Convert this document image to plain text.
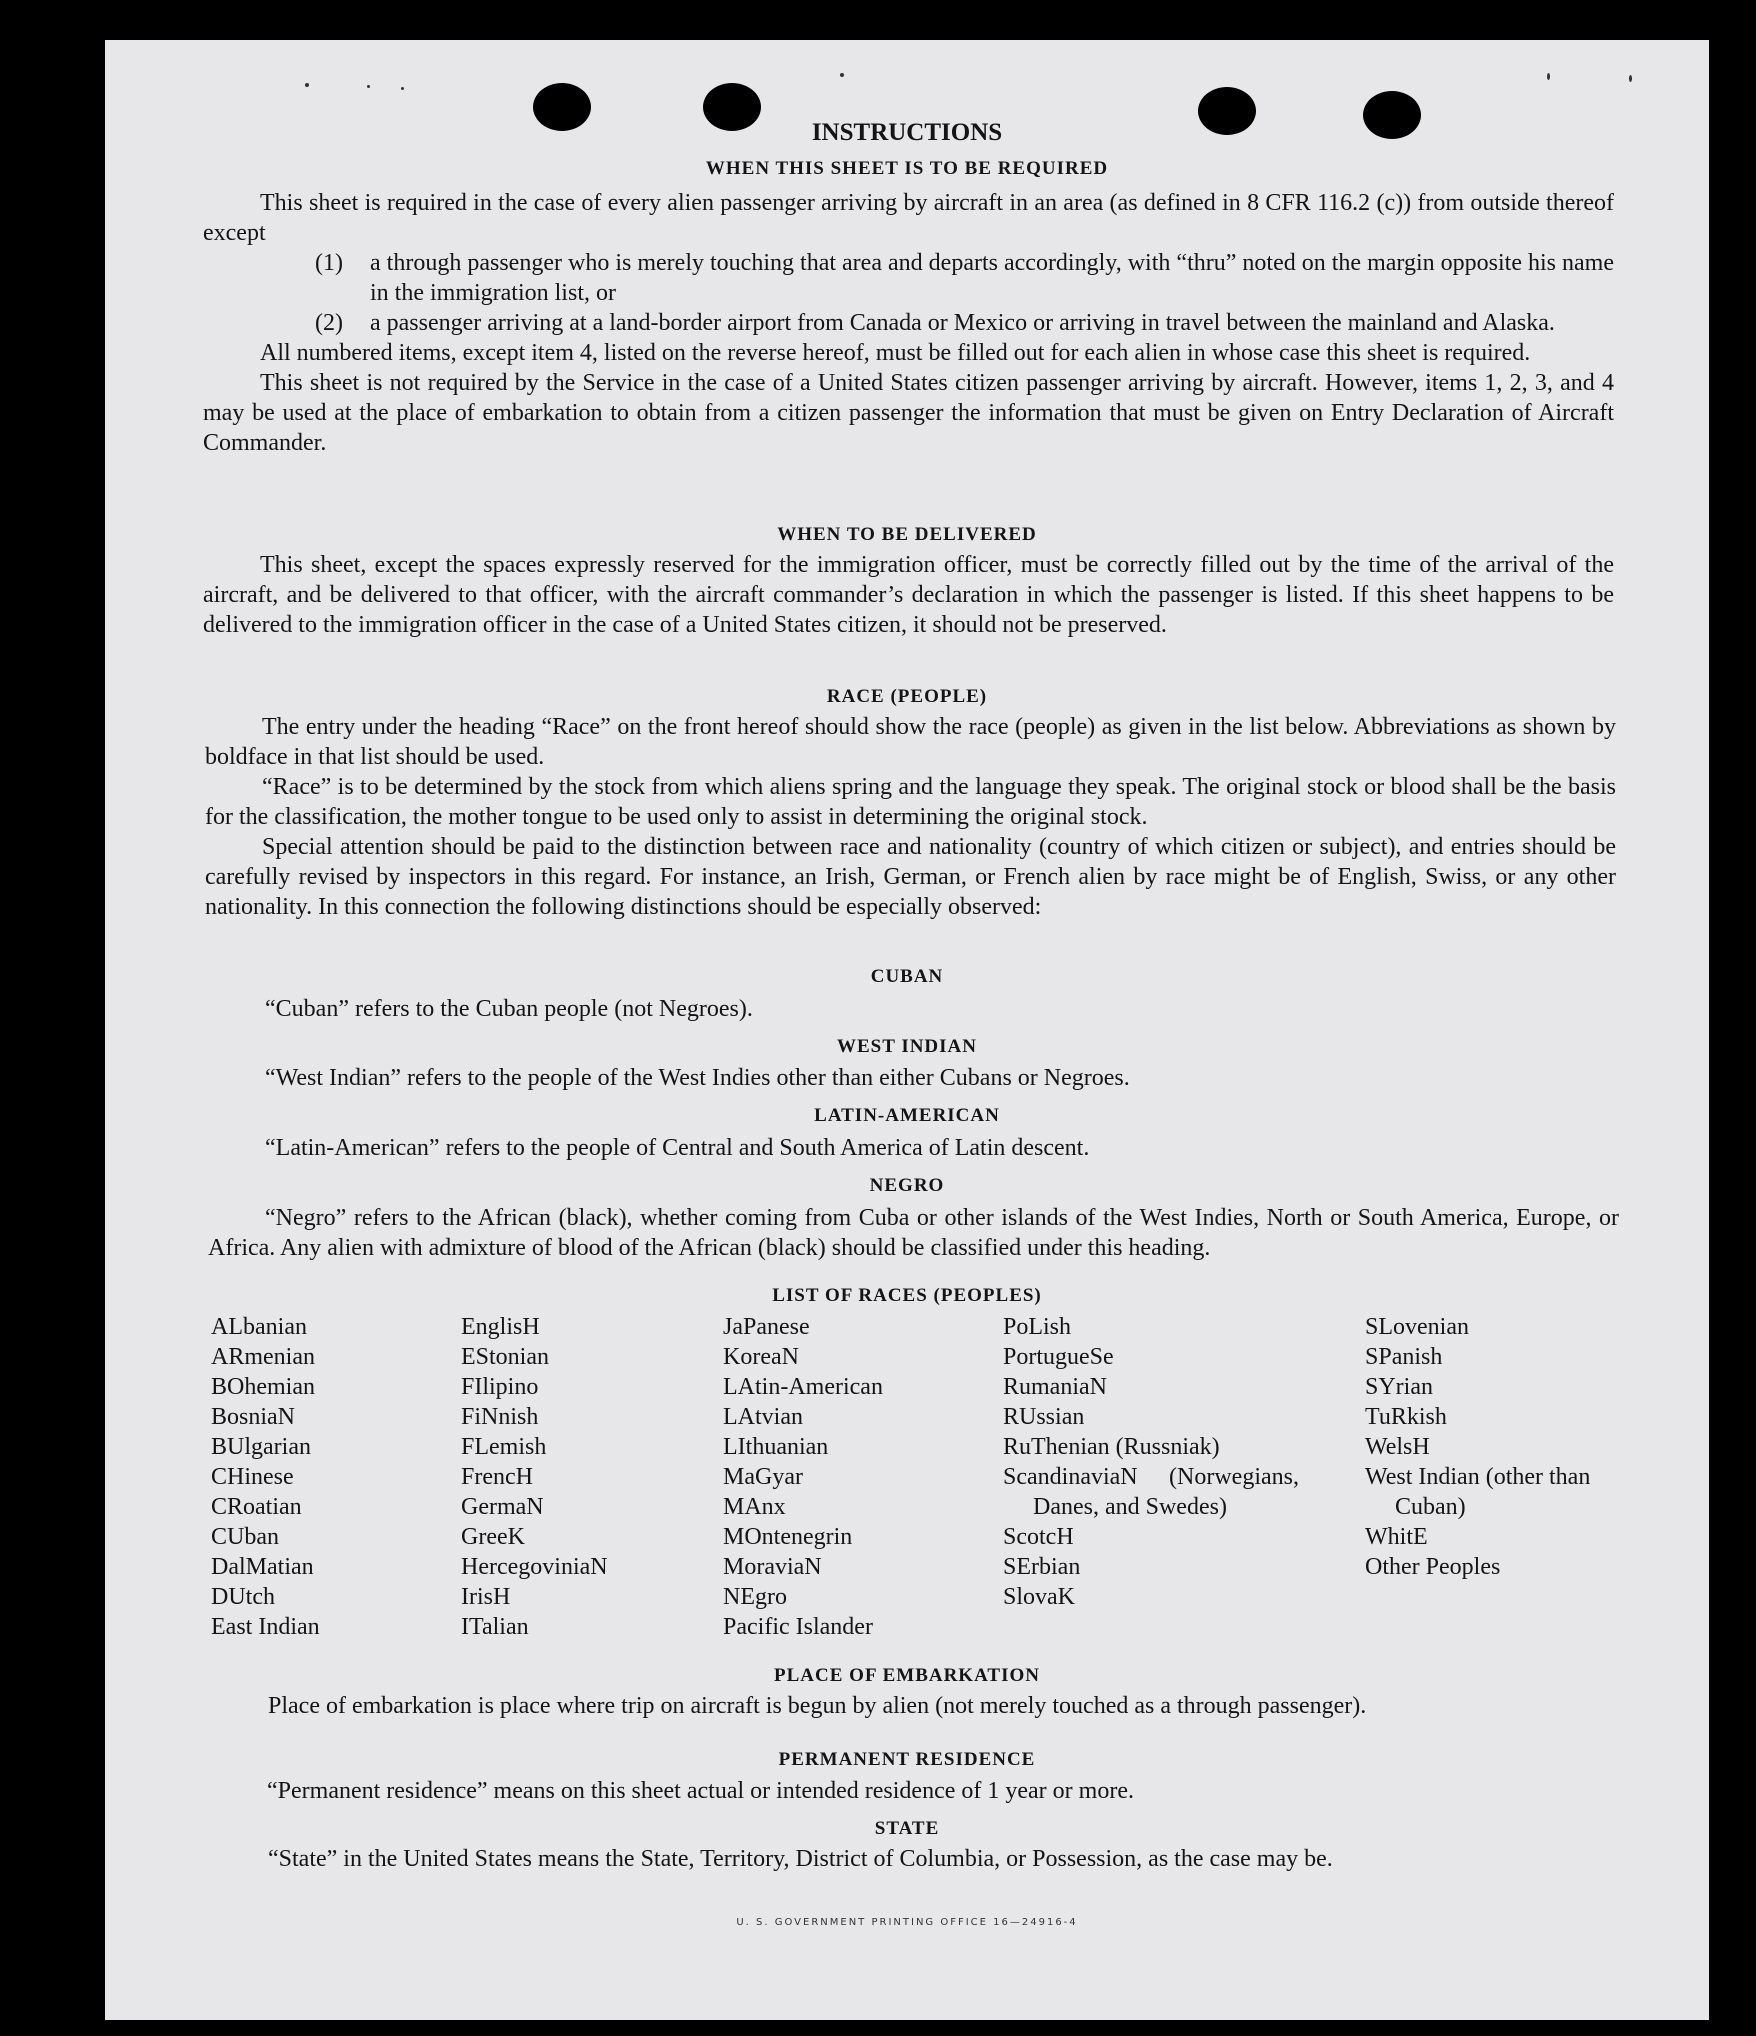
INSTRUCTIONS
WHEN THIS SHEET IS TO BE REQUIRED
This sheet is required in the case of every alien passenger arriving by aircraft in an area (as defined in 8 CFR 116.2 (c)) from outside thereof except
(1)	a through passenger who is merely touching that area and departs accordingly, with “thru” noted on the margin opposite his name in the immigration list, or
(2)	a passenger arriving at a land-border airport from Canada or Mexico or arriving in travel between the mainland and Alaska.
All numbered items, except item 4, listed on the reverse hereof, must be filled out for each alien in whose case this sheet is required.
This sheet is not required by the Service in the case of a United States citizen passenger arriving by aircraft. However, items 1, 2, 3, and 4 may be used at the place of embarkation to obtain from a citizen passenger the information that must be given on Entry Declaration of Aircraft Commander.
WHEN TO BE DELIVERED
This sheet, except the spaces expressly reserved for the immigration officer, must be correctly filled out by the time of the arrival of the aircraft, and be delivered to that officer, with the aircraft commander’s declaration in which the passenger is listed. If this sheet happens to be delivered to the immigration officer in the case of a United States citizen, it should not be preserved.
RACE (PEOPLE)
The entry under the heading “Race” on the front hereof should show the race (people) as given in the list below. Abbreviations as shown by boldface in that list should be used.
“Race” is to be determined by the stock from which aliens spring and the language they speak. The original stock or blood shall be the basis for the classification, the mother tongue to be used only to assist in determining the original stock.
Special attention should be paid to the distinction between race and nationality (country of which citizen or subject), and entries should be carefully revised by inspectors in this regard. For instance, an Irish, German, or French alien by race might be of English, Swiss, or any other nationality. In this connection the following distinctions should be especially observed:
CUBAN
“Cuban” refers to the Cuban people (not Negroes).
WEST INDIAN
“West Indian” refers to the people of the West Indies other than either Cubans or Negroes.
LATIN-AMERICAN
“Latin-American” refers to the people of Central and South America of Latin descent.
NEGRO
“Negro” refers to the African (black), whether coming from Cuba or other islands of the West Indies, North or South America, Europe, or Africa. Any alien with admixture of blood of the African (black) should be classified under this heading.
LIST OF RACES (PEOPLES)
ALbanian
ARmenian
BOhemian
BosniaN
BUlgarian
CHinese
CRoatian
CUban
DalMatian
DUtch
East Indian
EnglisH
EStonian
FIlipino
FiNnish
FLemish
FrencH
GermaN
GreeK
HercegoviniaN
IrisH
ITalian
JaPanese
KoreaN
LAtin-American
LAtvian
LIthuanian
MaGyar
MAnx
MOntenegrin
MoraviaN
NEgro
Pacific Islander
PoLish
PortugueSe
RumaniaN
RUssian
RuThenian (Russniak)
ScandinaviaN (Norwegians, Danes, and Swedes)
ScotcH
SErbian
SlovaK
SLovenian
SPanish
SYrian
TuRkish
WelsH
West Indian (other than Cuban)
WhitE
Other Peoples
PLACE OF EMBARKATION
Place of embarkation is place where trip on aircraft is begun by alien (not merely touched as a through passenger).
PERMANENT RESIDENCE
“Permanent residence” means on this sheet actual or intended residence of 1 year or more.
STATE
“State” in the United States means the State, Territory, District of Columbia, or Possession, as the case may be.
U. S. GOVERNMENT PRINTING OFFICE 16—24916-4
